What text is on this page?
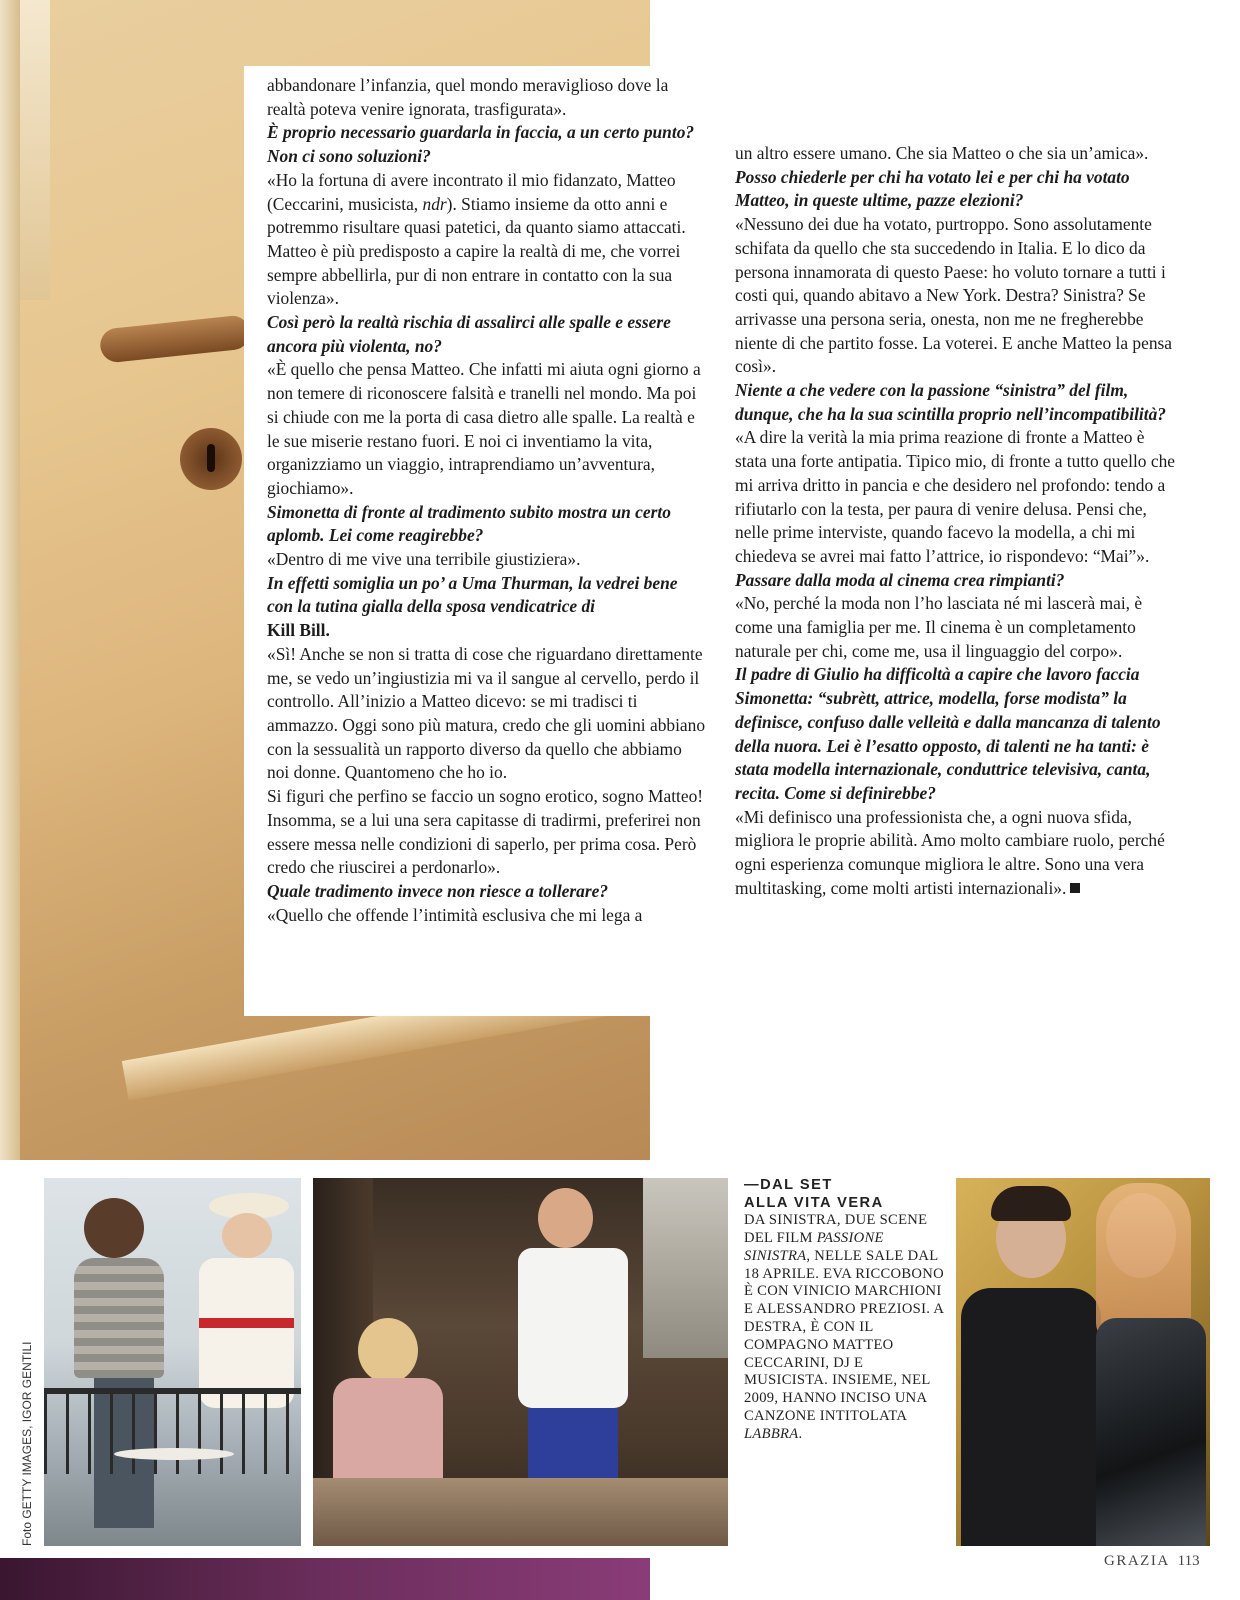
abbandonare l’infanzia, quel mondo meraviglioso dove la realtà poteva venire ignorata, trasfigurata».

È proprio necessario guardarla in faccia, a un certo punto? Non ci sono soluzioni?

«Ho la fortuna di avere incontrato il mio fidanzato, Matteo (Ceccarini, musicista, ndr). Stiamo insieme da otto anni e potremmo risultare quasi patetici, da quanto siamo attaccati. Matteo è più predisposto a capire la realtà di me, che vorrei sempre abbellirla, pur di non entrare in contatto con la sua violenza».

Così però la realtà rischia di assalirci alle spalle e essere ancora più violenta, no?

«È quello che pensa Matteo. Che infatti mi aiuta ogni giorno a non temere di riconoscere falsità e tranelli nel mondo. Ma poi si chiude con me la porta di casa dietro alle spalle. La realtà e le sue miserie restano fuori. E noi ci inventiamo la vita, organizziamo un viaggio, intraprendiamo un’avventura, giochiamo».

Simonetta di fronte al tradimento subito mostra un certo aplomb. Lei come reagirebbe?

«Dentro di me vive una terribile giustiziera».

In effetti somiglia un po’ a Uma Thurman, la vedrei bene con la tutina gialla della sposa vendicatrice di
Kill Bill.

«Sì! Anche se non si tratta di cose che riguardano direttamente me, se vedo un’ingiustizia mi va il sangue al cervello, perdo il controllo. All’inizio a Matteo dicevo: se mi tradisci ti ammazzo. Oggi sono più matura, credo che gli uomini abbiano con la sessualità un rapporto diverso da quello che abbiamo noi donne. Quantomeno che ho io.

Si figuri che perfino se faccio un sogno erotico, sogno Matteo! Insomma, se a lui una sera capitasse di tradirmi, preferirei non essere messa nelle condizioni di saperlo, per prima cosa. Però credo che riuscirei a perdonarlo».

Quale tradimento invece non riesce a tollerare?

«Quello che offende l’intimità esclusiva che mi lega a

un altro essere umano. Che sia Matteo o che sia un’amica».

Posso chiederle per chi ha votato lei e per chi ha votato Matteo, in queste ultime, pazze elezioni?

«Nessuno dei due ha votato, purtroppo. Sono assolutamente schifata da quello che sta succedendo in Italia. E lo dico da persona innamorata di questo Paese: ho voluto tornare a tutti i costi qui, quando abitavo a New York. Destra? Sinistra? Se arrivasse una persona seria, onesta, non me ne fregherebbe niente di che partito fosse. La voterei. E anche Matteo la pensa così».

Niente a che vedere con la passione “sinistra” del film, dunque, che ha la sua scintilla proprio nell’incompatibilità?

«A dire la verità la mia prima reazione di fronte a Matteo è stata una forte antipatia. Tipico mio, di fronte a tutto quello che mi arriva dritto in pancia e che desidero nel profondo: tendo a rifiutarlo con la testa, per paura di venire delusa. Pensi che, nelle prime interviste, quando facevo la modella, a chi mi chiedeva se avrei mai fatto l’attrice, io rispondevo: “Mai”».

Passare dalla moda al cinema crea rimpianti?

«No, perché la moda non l’ho lasciata né mi lascerà mai, è come una famiglia per me. Il cinema è un completamento naturale per chi, come me, usa il linguaggio del corpo».

Il padre di Giulio ha difficoltà a capire che lavoro faccia Simonetta: “subrètt, attrice, modella, forse modista” la definisce, confuso dalle velleità e dalla mancanza di talento della nuora. Lei è l’esatto opposto, di talenti ne ha tanti: è stata modella internazionale, conduttrice televisiva, canta, recita. Come si definirebbe?

«Mi definisco una professionista che, a ogni nuova sfida, migliora le proprie abilità. Amo molto cambiare ruolo, perché ogni esperienza comunque migliora le altre. Sono una vera multitasking, come molti artisti internazionali».

Foto GETTY IMAGES, IGOR GENTILI
—DAL SET
ALLA VITA VERA
DA SINISTRA, DUE SCENE DEL FILM PASSIONE SINISTRA, NELLE SALE DAL 18 APRILE. EVA RICCOBONO È CON VINICIO MARCHIONI E ALESSANDRO PREZIOSI. A DESTRA, È CON IL COMPAGNO MATTEO CECCARINI, DJ E MUSICISTA. INSIEME, NEL 2009, HANNO INCISO UNA CANZONE INTITOLATA LABBRA.
GRAZIA 113
